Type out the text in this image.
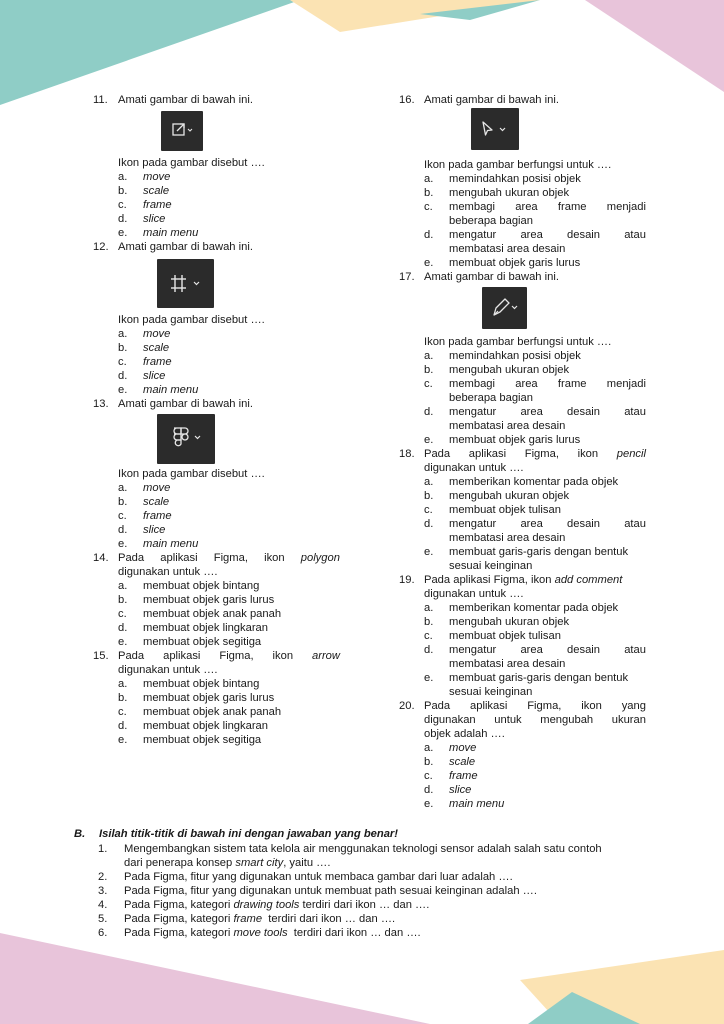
11. Amati gambar di bawah ini.
Ikon pada gambar disebut ….
a. move
b. scale
c. frame
d. slice
e. main menu
12. Amati gambar di bawah ini.
Ikon pada gambar disebut ….
a. move
b. scale
c. frame
d. slice
e. main menu
13. Amati gambar di bawah ini.
Ikon pada gambar disebut ….
a. move
b. scale
c. frame
d. slice
e. main menu
14. Pada aplikasi Figma, ikon polygon
digunakan untuk ….
a. membuat objek bintang
b. membuat objek garis lurus
c. membuat objek anak panah
d. membuat objek lingkaran
e. membuat objek segitiga
15. Pada aplikasi Figma, ikon arrow
digunakan untuk ….
a. membuat objek bintang
b. membuat objek garis lurus
c. membuat objek anak panah
d. membuat objek lingkaran
e. membuat objek segitiga
16. Amati gambar di bawah ini.
Ikon pada gambar berfungsi untuk ….
a. memindahkan posisi objek
b. mengubah ukuran objek
c. membagi area frame menjadi
beberapa bagian
d. mengatur area desain atau
membatasi area desain
e. membuat objek garis lurus
17. Amati gambar di bawah ini.
Ikon pada gambar berfungsi untuk ….
a. memindahkan posisi objek
b. mengubah ukuran objek
c. membagi area frame menjadi
beberapa bagian
d. mengatur area desain atau
membatasi area desain
e. membuat objek garis lurus
18. Pada aplikasi Figma, ikon pencil
digunakan untuk ….
a. memberikan komentar pada objek
b. mengubah ukuran objek
c. membuat objek tulisan
d. mengatur area desain atau
membatasi area desain
e. membuat garis-garis dengan bentuk
sesuai keinginan
19. Pada aplikasi Figma, ikon add comment
digunakan untuk ….
a. memberikan komentar pada objek
b. mengubah ukuran objek
c. membuat objek tulisan
d. mengatur area desain atau
membatasi area desain
e. membuat garis-garis dengan bentuk
sesuai keinginan
20. Pada aplikasi Figma, ikon yang
digunakan untuk mengubah ukuran
objek adalah ….
a. move
b. scale
c. frame
d. slice
e. main menu
B. Isilah titik-titik di bawah ini dengan jawaban yang benar!
1. Mengembangkan sistem tata kelola air menggunakan teknologi sensor adalah salah satu contoh
dari penerapa konsep smart city, yaitu ….
2. Pada Figma, fitur yang digunakan untuk membaca gambar dari luar adalah ….
3. Pada Figma, fitur yang digunakan untuk membuat path sesuai keinginan adalah ….
4. Pada Figma, kategori drawing tools terdiri dari ikon … dan ….
5. Pada Figma, kategori frame  terdiri dari ikon … dan ….
6. Pada Figma, kategori move tools  terdiri dari ikon … dan ….
